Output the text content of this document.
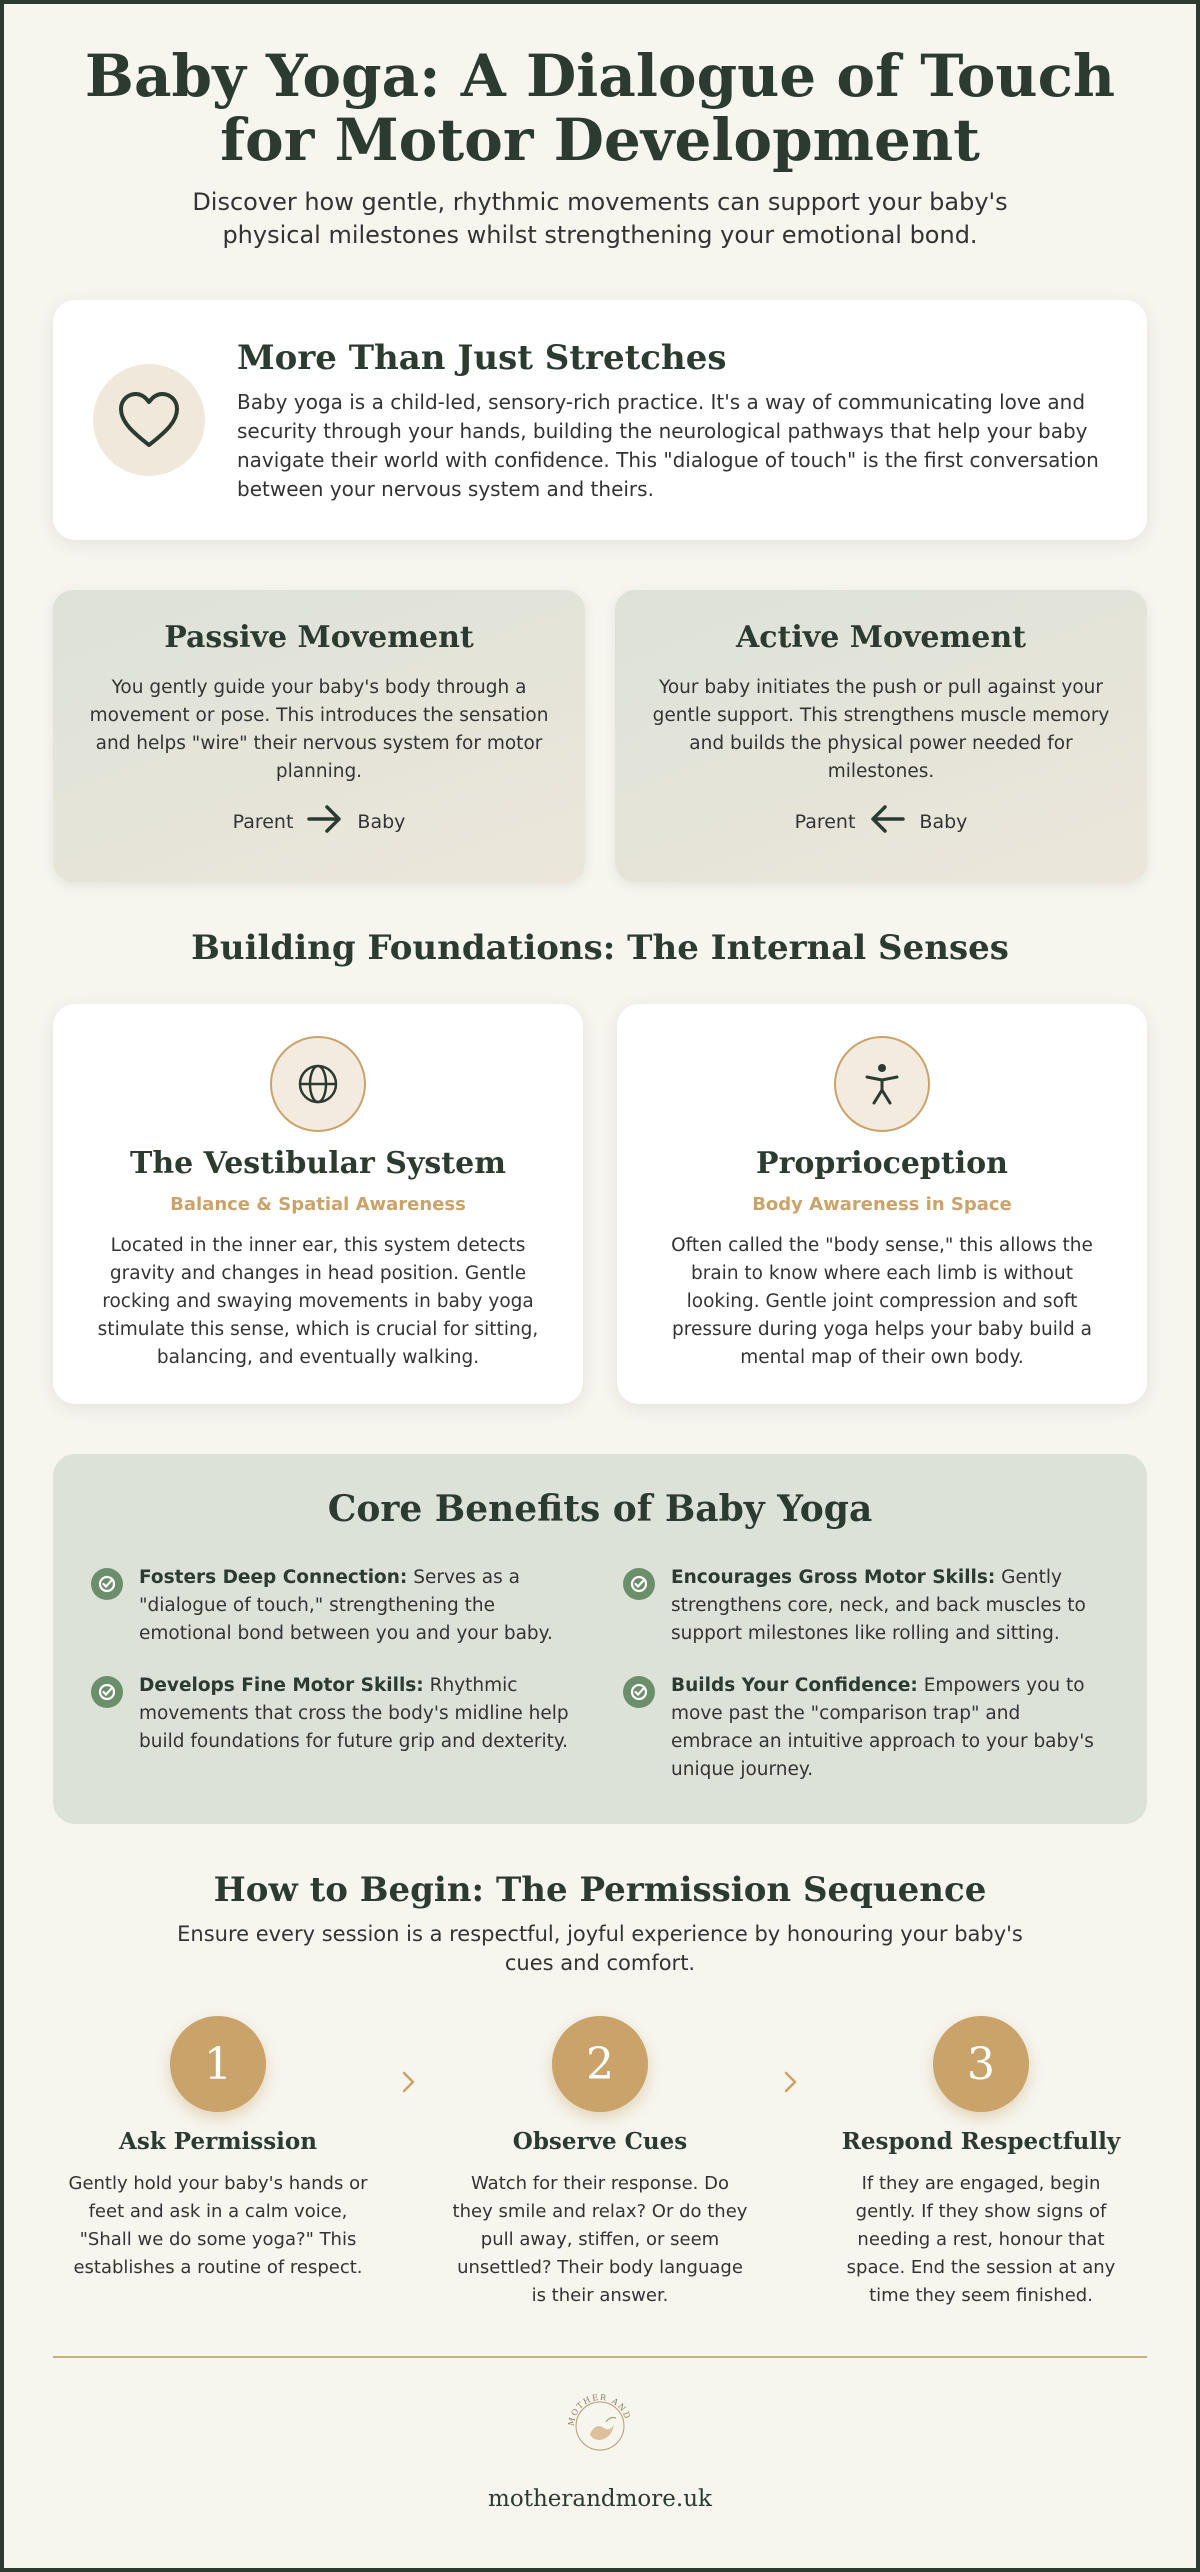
Baby Yoga: A Dialogue of Touch for Motor Development

Discover how gentle, rhythmic movements can support your baby's physical milestones whilst strengthening your emotional bond.

More Than Just Stretches

Baby yoga is a child-led, sensory-rich practice. It's a way of communicating love and security through your hands, building the neurological pathways that help your baby navigate their world with confidence. This "dialogue of touch" is the first conversation between your nervous system and theirs.

Passive Movement

You gently guide your baby's body through a movement or pose. This introduces the sensation and helps "wire" their nervous system for motor planning.

Parent	Baby
Active Movement

Your baby initiates the push or pull against your gentle support. This strengthens muscle memory and builds the physical power needed for milestones.

Parent	Baby
Building Foundations: The Internal Senses
The Vestibular System
Balance & Spatial Awareness

Located in the inner ear, this system detects gravity and changes in head position. Gentle rocking and swaying movements in baby yoga stimulate this sense, which is crucial for sitting, balancing, and eventually walking.

Proprioception
Body Awareness in Space

Often called the "body sense," this allows the brain to know where each limb is without looking. Gentle joint compression and soft pressure during yoga helps your baby build a mental map of their own body.

Core Benefits of Baby Yoga
Fosters Deep Connection: Serves as a "dialogue of touch," strengthening the emotional bond between you and your baby.
Encourages Gross Motor Skills: Gently strengthens core, neck, and back muscles to support milestones like rolling and sitting.
Develops Fine Motor Skills: Rhythmic movements that cross the body's midline help build foundations for future grip and dexterity.
Builds Your Confidence: Empowers you to move past the "comparison trap" and embrace an intuitive approach to your baby's unique journey.
How to Begin: The Permission Sequence

Ensure every session is a respectful, joyful experience by honouring your baby's cues and comfort.

1
Ask Permission

Gently hold your baby's hands or feet and ask in a calm voice, "Shall we do some yoga?" This establishes a routine of respect.

2
Observe Cues

Watch for their response. Do they smile and relax? Or do they pull away, stiffen, or seem unsettled? Their body language is their answer.

3
Respond Respectfully

If they are engaged, begin gently. If they show signs of needing a rest, honour that space. End the session at any time they seem finished.

MOTHER AND
motherandmore.uk
